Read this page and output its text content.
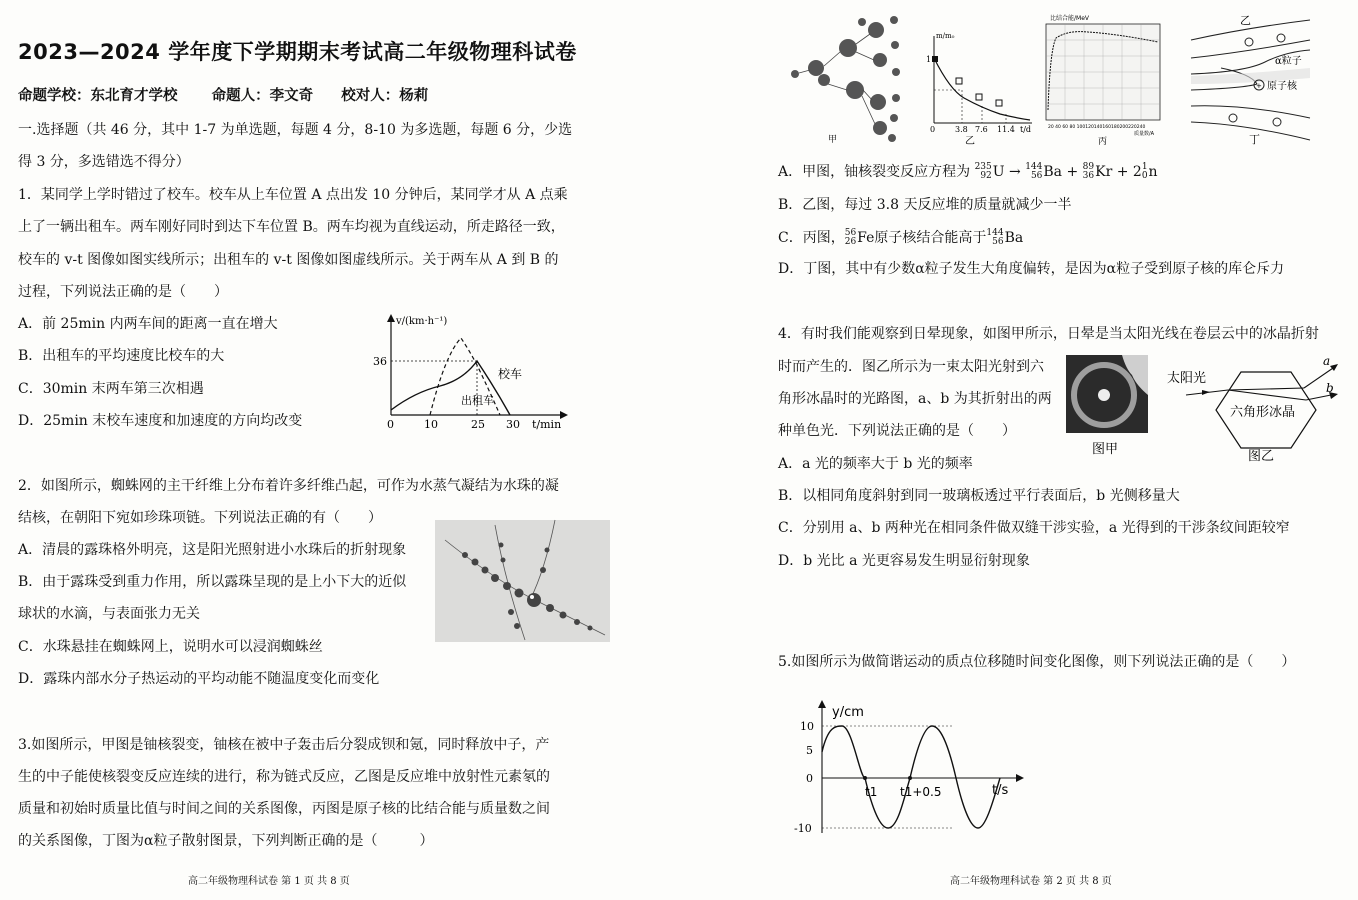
2023—2024 学年度下学期期末考试高二年级物理科试卷
命题学校：东北育才学校 命题人：李文奇 校对人：杨莉
一.选择题（共 46 分，其中 1-7 为单选题，每题 4 分，8-10 为多选题，每题 6 分，少选
得 3 分，多选错选不得分）
1．某同学上学时错过了校车。校车从上车位置 A 点出发 10 分钟后，某同学才从 A 点乘
上了一辆出租车。两车刚好同时到达下车位置 B。两车均视为直线运动，所走路径一致，
校车的 v-t 图像如图实线所示；出租车的 v-t 图像如图虚线所示。关于两车从 A 到 B 的
过程，下列说法正确的是（　　）
A．前 25min 内两车间的距离一直在增大
B．出租车的平均速度比校车的大
C．30min 末两车第三次相遇
D．25min 末校车速度和加速度的方向均改变
v/(km·h⁻¹)
36
0	10	25 30 t/min
校车
出租车
2．如图所示，蜘蛛网的主干纤维上分布着许多纤维凸起，可作为水蒸气凝结为水珠的凝
结核，在朝阳下宛如珍珠项链。下列说法正确的有（　　）
A．清晨的露珠格外明亮，这是阳光照射进小水珠后的折射现象
B．由于露珠受到重力作用，所以露珠呈现的是上小下大的近似
球状的水滴，与表面张力无关
C．水珠悬挂在蜘蛛网上，说明水可以浸润蜘蛛丝
D．露珠内部水分子热运动的平均动能不随温度变化而变化
3.如图所示，甲图是铀核裂变，铀核在被中子轰击后分裂成钡和氪，同时释放中子，产
生的中子能使核裂变反应连续的进行，称为链式反应，乙图是反应堆中放射性元素氡的
质量和初始时质量比值与时间之间的关系图像，丙图是原子核的比结合能与质量数之间
的关系图像，丁图为α粒子散射图景，下列判断正确的是（　　　）
高二年级物理科试卷 第 1 页 共 8 页
甲
m/m₀
1
0 3.8 7.6 11.4 t/d
乙
比结合能/MeV
20 40 60 80 100120140160180200220240
质量数/A
丙
+
乙
α粒子
原子核
丁
A．甲图，铀核裂变反应方程为 235
92U → 144
56Ba + 89
36Kr + 21
0n
B．乙图，每过 3.8 天反应堆的质量就减少一半
C．丙图，56
26Fe原子核结合能高于144
56Ba
D．丁图，其中有少数α粒子发生大角度偏转，是因为α粒子受到原子核的库仑斥力
4．有时我们能观察到日晕现象，如图甲所示，日晕是当太阳光线在卷层云中的冰晶折射
时而产生的．图乙所示为一束太阳光射到六
角形冰晶时的光路图，a、b 为其折射出的两
种单色光．下列说法正确的是（　　）
图甲
太阳光
六角形冰晶
a
b
图乙
A．a 光的频率大于 b 光的频率
B．以相同角度斜射到同一玻璃板透过平行表面后，b 光侧移量大
C．分别用 a、b 两种光在相同条件做双缝干涉实验，a 光得到的干涉条纹间距较窄
D．b 光比 a 光更容易发生明显衍射现象
5.如图所示为做简谐运动的质点位移随时间变化图像，则下列说法正确的是（　　）
y/cm
10
5
0
-10
t1 t1+0.5	t/s
高二年级物理科试卷 第 2 页 共 8 页
